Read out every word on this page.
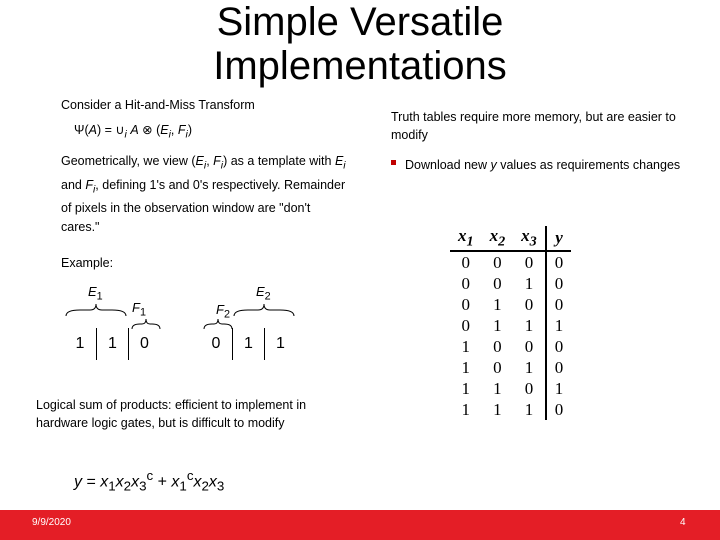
Simple Versatile
Implementations
Consider a Hit-and-Miss Transform
$\Psi(A) = \cup_i$ A ⊗ ($E_i$, $F_i$)
Geometrically, we view ($E_i$, $F_i$) as a template with $E_i$ and $F_i$, defining 1's and 0's respectively. Remainder of pixels in the observation window are "don't cares."
Example:
$E_1$
$F_1$	$F_2$
$E_2$
1	1	0	0	1	1
Logical sum of products: efficient to implement in hardware logic gates, but is difficult to modify
$y = x_1x_2x_3^c + x_1^cx_2x_3$
Truth tables require more memory, but are easier to modify
Download new y values as requirements changes
$x_1$	$x_2$	$x_3$	y
0	0	0	0
0	0	1	0
0	1	0	0
0	1	1	1
1	0	0	0
1	0	1	0
1	1	0	1
1	1	1	0
9/9/2020	4
